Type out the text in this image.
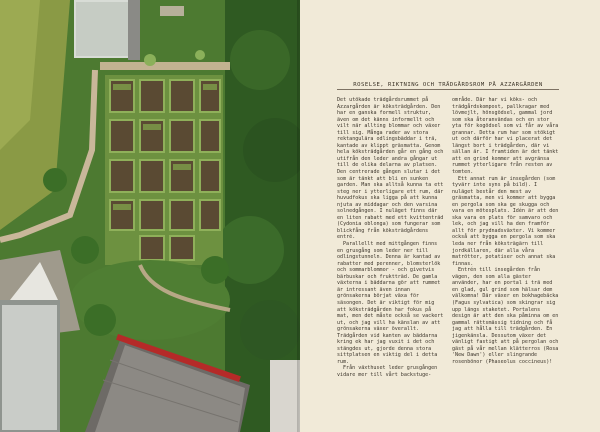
ROSELSE, RIKTNING OCH TRÄDGÅRDSROM PÅ AZZARGÅRDEN

Det utökade trädgårdsrummet på Azzargården är köksträdgården. Den har en ganska formell struktur, även om det känns informellt och vilt när allting blommar och växer till sig. Många rader av stora rektangulära odlingsbäddar i trä, kantade av klippt gräsmatta. Genom hela köksträdgården går en gång och utifrån den leder andra gångar ut till de olika delarna av platsen. Den centrerade gången slutar i det som är tänkt att bli en sunken garden. Man ska alltså kunna ta ett steg ner i ytterligare ett rum, där huvudfokus ska ligga på att kunna njuta av middagar och den varsina solnedgången. I nuläget finns där en liten rabatt med ett kvittenträd (Cydonia oblonga) som fungerar som blickfång från köksträdgårdens entré.

Parallellt med mittgången finns en grusgång som leder ner till odlingstunneln. Denna är kantad av rabatter med perenner, blomsterlök och sommarblommor - och givetvis bärbuskar och fruktträd. De gamla växterna i bäddarna gör att rummet är intressant även innan grönsakerna börjat växa för säsongen. Det är viktigt för mig att köksträdgården har fokus på mat, men det måste också se vackert ut, och jag vill ha känslan av att grönsakerna växer överallt. Trädgården vid kanten av bäddarna kring ek har jag vuxit i det och stängdes ut, gjorde denna stora sittplatsen en viktig del i detta rum.

Från växthuset leder grusgången vidare mer till vårt backstuge-

område. Där har vi köks- och trädgårdskompost, pallkragar med lövmejlt, hönsgödsel, gammal jord som ska återanvändas och en stor yta för kogödsel som vi får av våra grannar. Detta rum har som stökigt ut och därför har vi placerat det längst bort i trädgården, där vi sällan är. I framtiden är det tänkt att en grind kommer att avgränsa rummet ytterligare från resten av tomten.

Ett annat rum är insegården (som tyvärr inte syns på bild). I nuläget består den mest av gräsmatta, men vi kommer att bygga en pergola som ska ge skugga och vara en mötesplats. Idén är att den ska vara en plats för samvaro och lek, och jag vill ha den framför allt för prydnadsväxter. Vi kommer också att bygga en pergola som ska leda ner från köksträgärn till jordkällaren, där alla våra matrötter, potatiser och annat ska finnas.

Entrén till insegården från vägen, den som alla gäster använder, har en portal i trä med en glad, gul grind som hälsar dem välkomna! Där växer en bokhagebäcka (Fagus sylvatica) som skingrar sig upp längs staketet. Portalens design är att den ska påminna om en gammal rättsmässig tidning och få jag att hålla till trädgården. En jigenkänsla. Dessutom växer det vänligt fastigt att på pergolan och gäst på vår mellan klätterros (Rosa 'New Dawn') eller slingrande rosenbönor (Phaseolus coccineus)!
